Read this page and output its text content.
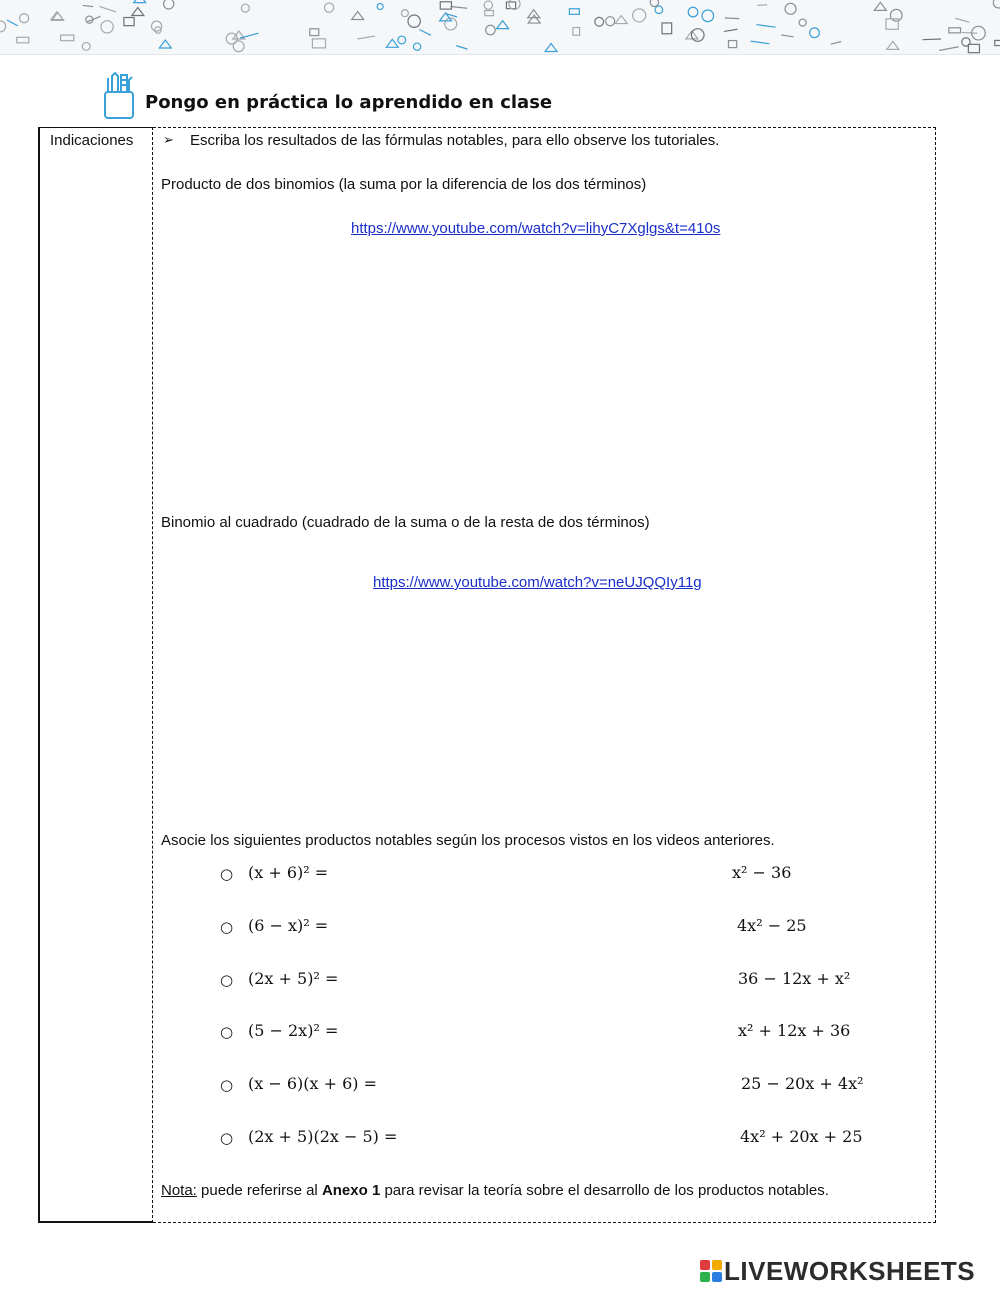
Pongo en práctica lo aprendido en clase
Indicaciones ➢ Escriba los resultados de las fórmulas notables, para ello observe los tutoriales.
Producto de dos binomios (la suma por la diferencia de los dos términos)
https://www.youtube.com/watch?v=lihyC7Xglgs&t=410s
Binomio al cuadrado (cuadrado de la suma o de la resta de dos términos)
https://www.youtube.com/watch?v=neUJQQIy11g
Asocie los siguientes productos notables según los procesos vistos en los videos anteriores.
○ (x + 6)² =	x² − 36
○ (6 − x)² =	4x² − 25
○ (2x + 5)² =	36 − 12x + x²
○ (5 − 2x)² =	x² + 12x + 36
○ (x − 6)(x + 6) =	25 − 20x + 4x²
○ (2x + 5)(2x − 5) =	4x² + 20x + 25
Nota: puede referirse al Anexo 1 para revisar la teoría sobre el desarrollo de los productos notables.
LIVEWORKSHEETS
